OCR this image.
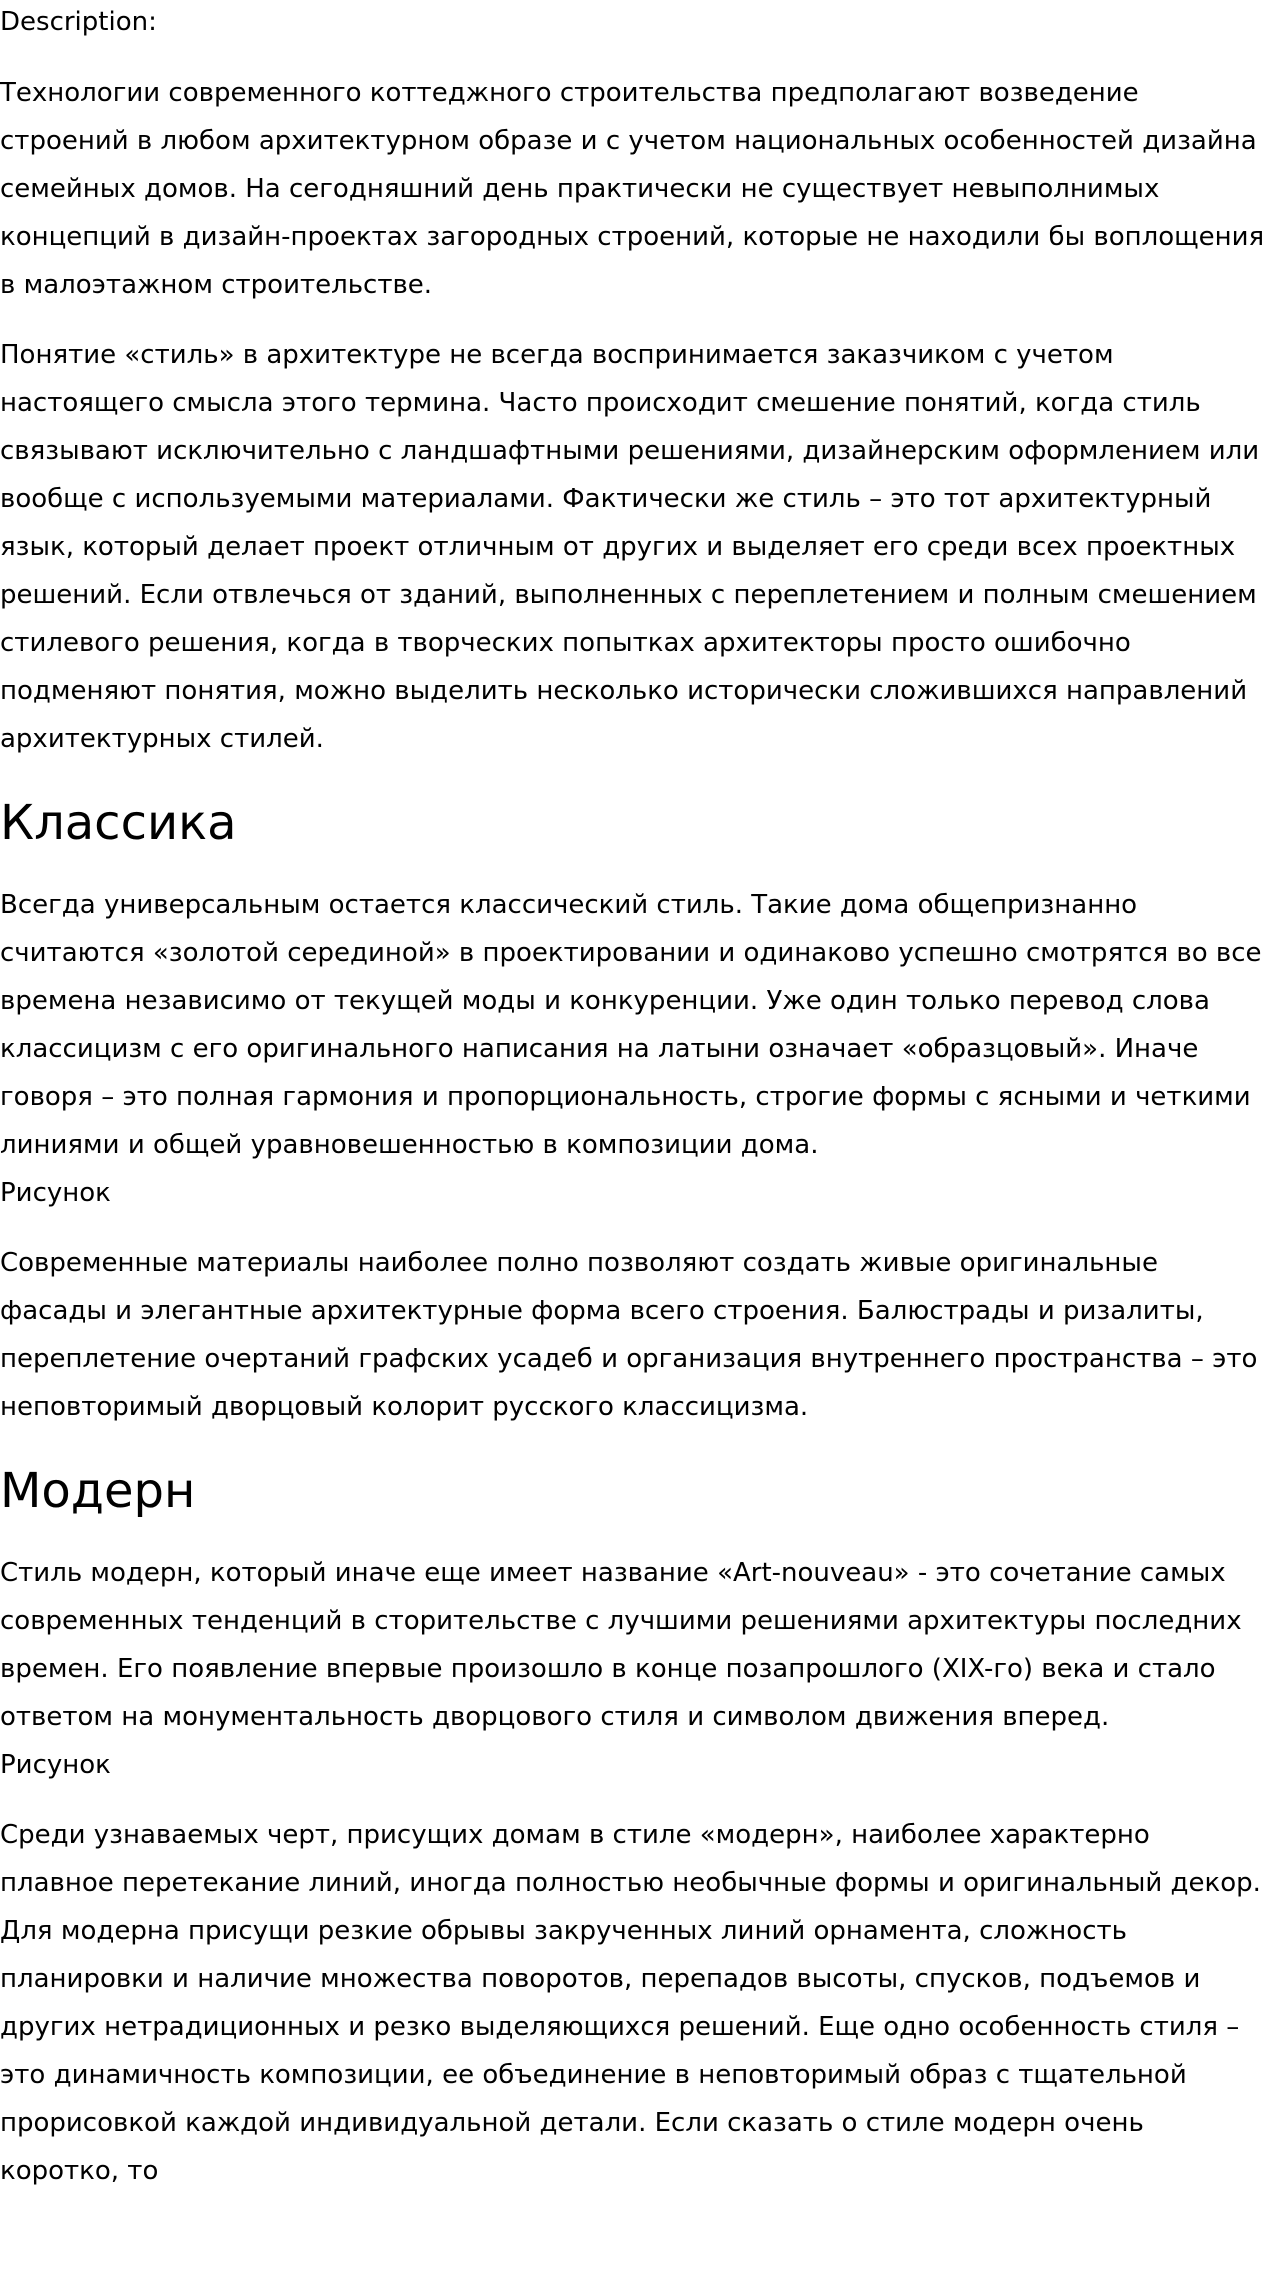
Description:

Технологии современного коттеджного строительства предполагают возведение строений в любом архитектурном образе и с учетом национальных особенностей дизайна семейных домов. На сегодняшний день практически не существует невыполнимых концепций в дизайн-проектах загородных строений, которые не находили бы воплощения в малоэтажном строительстве.

Понятие «стиль» в архитектуре не всегда воспринимается заказчиком с учетом настоящего смысла этого термина. Часто происходит смешение понятий, когда стиль связывают исключительно с ландшафтными решениями, дизайнерским оформлением или вообще с используемыми материалами. Фактически же стиль – это тот архитектурный язык, который делает проект отличным от других и выделяет его среди всех проектных решений. Если отвлечься от зданий, выполненных с переплетением и полным смешением стилевого решения, когда в творческих попытках архитекторы просто ошибочно подменяют понятия, можно выделить несколько исторически сложившихся направлений архитектурных стилей.

Классика

Всегда универсальным остается классический стиль. Такие дома общепризнанно считаются «золотой серединой» в проектировании и одинаково успешно смотрятся во все времена независимо от текущей моды и конкуренции. Уже один только перевод слова классицизм с его оригинального написания на латыни означает «образцовый». Иначе говоря – это полная гармония и пропорциональность, строгие формы с ясными и четкими линиями и общей уравновешенностью в композиции дома.

Рисунок

Современные материалы наиболее полно позволяют создать живые оригинальные фасады и элегантные архитектурные форма всего строения. Балюстрады и ризалиты, переплетение очертаний графских усадеб и организация внутреннего пространства – это неповторимый дворцовый колорит русского классицизма.

Модерн

Стиль модерн, который иначе еще имеет название «Art-nouveau» - это сочетание самых современных тенденций в сторительстве с лучшими решениями архитектуры последних времен. Его появление впервые произошло в конце позапрошлого (XIX-го) века и стало ответом на монументальность дворцового стиля и символом движения вперед.

Рисунок

Среди узнаваемых черт, присущих домам в стиле «модерн», наиболее характерно плавное перетекание линий, иногда полностью необычные формы и оригинальный декор. Для модерна присущи резкие обрывы закрученных линий орнамента, сложность планировки и наличие множества поворотов, перепадов высоты, спусков, подъемов и других нетрадиционных и резко выделяющихся решений. Еще одно особенность стиля – это динамичность композиции, ее объединение в неповторимый образ с тщательной прорисовкой каждой индивидуальной детали. Если сказать о стиле модерн очень коротко, то
